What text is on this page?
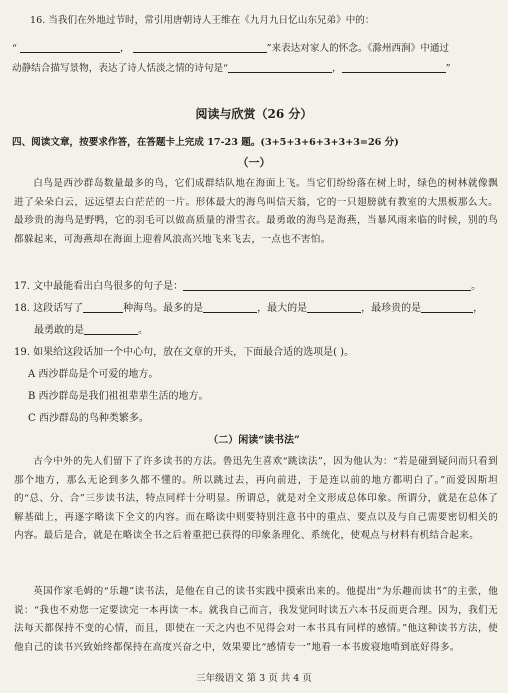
16. 当我们在外地过节时，常引用唐朝诗人王维在《九月九日忆山东兄弟》中的：
“	，	”来表达对家人的怀念。《滁州西涧》中通过
动静结合描写景物，表达了诗人恬淡之情的诗句是“	，	”
阅读与欣赏（26 分）
四、阅读文章，按要求作答，在答题卡上完成 17-23 题。(3+5+3+6+3+3+3=26 分)
（一）
白鸟是西沙群岛数量最多的鸟，它们成群结队地在海面上飞。当它们纷纷落在树上时，绿色的树林就像飘进了朵朵白云，远远望去白茫茫的一片。形体最大的海鸟叫信天翁，它的一只翅膀就有教室的大黑板那么大。最珍贵的海鸟是野鸭，它的羽毛可以做高质量的滑雪衣。最勇敢的海鸟是海燕，当暴风雨来临的时候，别的鸟都躲起来，可海燕却在海面上迎着风浪高兴地飞来飞去，一点也不害怕。
17. 文中最能看出白鸟很多的句子是：	。
18. 这段话写了	种海鸟。最多的是	，最大的是	，最珍贵的是	，
最勇敢的是	。
19. 如果给这段话加一个中心句，放在文章的开头，下面最合适的选项是( )。
A 西沙群岛是个可爱的地方。
B 西沙群岛是我们祖祖辈辈生活的地方。
C 西沙群岛的鸟种类繁多。
（二）闲读“读书法”
古今中外的先人们留下了许多读书的方法。鲁迅先生喜欢“跳读法”，因为他认为：“若是碰到疑问而只看到那个地方，那么无论到多久都不懂的。所以跳过去，再向前进，于是连以前的地方都明白了。”而爱因斯坦的“总、分、合”三步读书法，特点同样十分明显。所谓总，就是对全文形成总体印象。所谓分，就是在总体了解基础上，再逐字略读下全文的内容。而在略读中则要特别注意书中的重点、要点以及与自己需要密切相关的内容。最后是合，就是在略读全书之后着重把已获得的印象条理化、系统化，使观点与材料有机结合起来。
英国作家毛姆的“乐趣”读书法，是他在自己的读书实践中摸索出来的。他提出“为乐趣而读书”的主张，他说：“我也不劝您一定要读完一本再读一本。就我自己而言，我发觉同时读五六本书反而更合理。因为，我们无法每天都保持不变的心情，而且，即使在一天之内也不见得会对一本书具有同样的感情。”他这种读书方法，使他自己的读书兴致始终都保持在高度兴奋之中，效果要比“感情专一”地看一本书废寝地啃到底好得多。
三年级语文 第 3 页 共 4 页
